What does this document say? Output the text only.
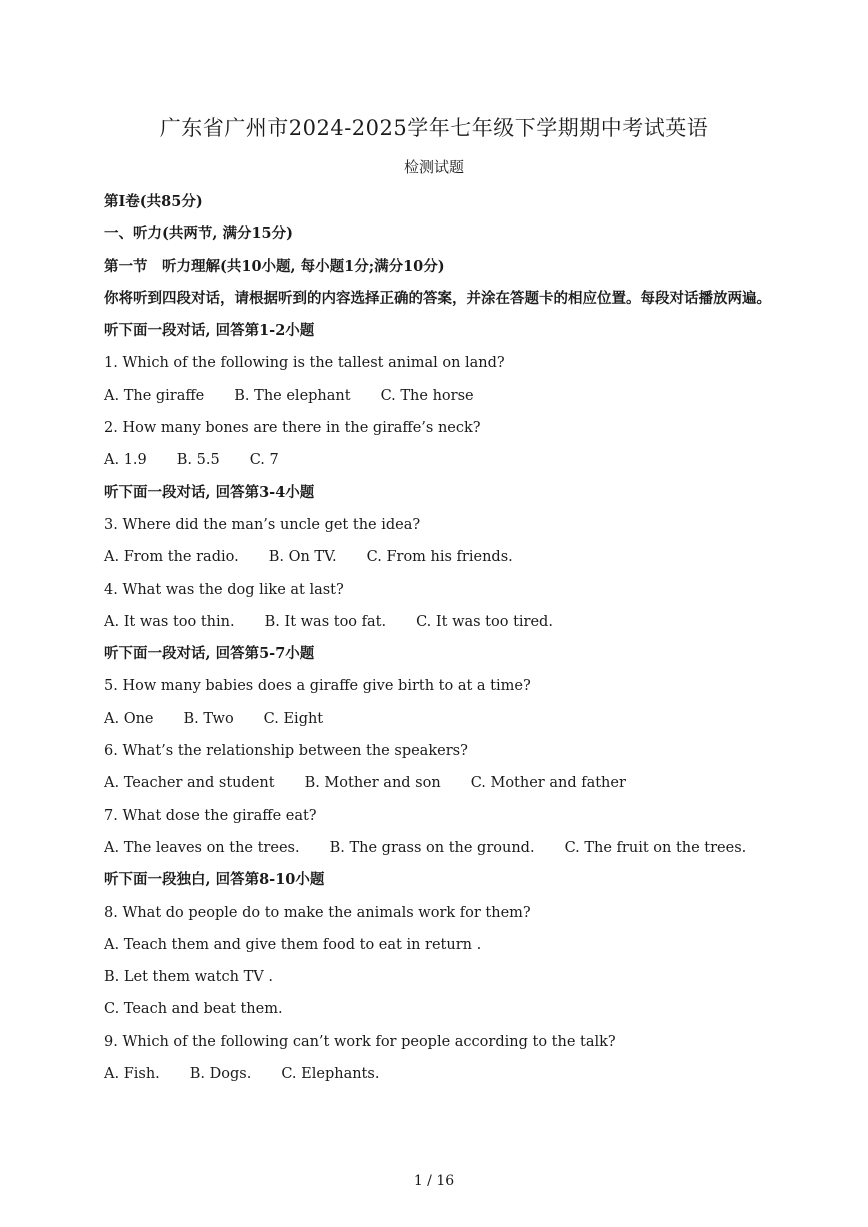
广东省广州市2024-2025学年七年级下学期期中考试英语
检测试题
第Ⅰ卷(共85分)
一、听力(共两节, 满分15分)
第一节　听力理解(共10小题, 每小题1分;满分10分)
你将听到四段对话，请根据听到的内容选择正确的答案，并涂在答题卡的相应位置。每段对话播放两遍。
听下面一段对话, 回答第1-2小题
1. Which of the following is the tallest animal on land?
A. The giraffe B. The elephant C. The horse
2. How many bones are there in the giraffe’s neck?
A. 1.9 B. 5.5 C. 7
听下面一段对话, 回答第3-4小题
3. Where did the man’s uncle get the idea?
A. From the radio. B. On TV. C. From his friends.
4. What was the dog like at last?
A. It was too thin. B. It was too fat. C. It was too tired.
听下面一段对话, 回答第5-7小题
5. How many babies does a giraffe give birth to at a time?
A. One B. Two C. Eight
6. What’s the relationship between the speakers?
A. Teacher and student B. Mother and son C. Mother and father
7. What dose the giraffe eat?
A. The leaves on the trees. B. The grass on the ground. C. The fruit on the trees.
听下面一段独白, 回答第8-10小题
8. What do people do to make the animals work for them?
A. Teach them and give them food to eat in return .
B. Let them watch TV .
C. Teach and beat them.
9. Which of the following can’t work for people according to the talk?
A. Fish. B. Dogs. C. Elephants.
1 / 16
